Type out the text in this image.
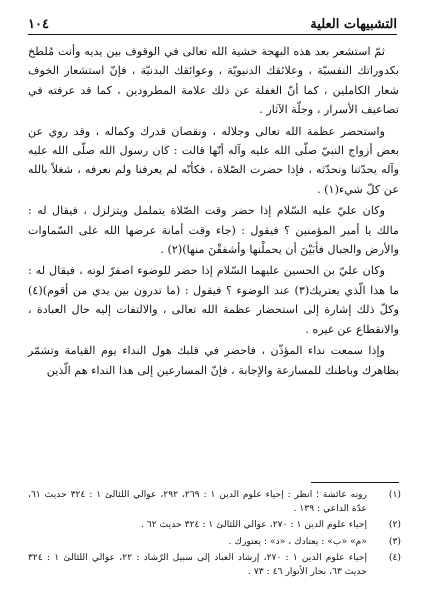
التشبيهات العلية
١٠٤

ثمّ استشعر بعد هذه البهجة خشية الله تعالى في الوقوف بين يديه وأنت مُلطخ بكدوراتك النفسيّة ، وعلائقك الدنيويّة ، وعوائقك البدنيّة ، فإنّ استشعار الخوف شعار الكاملين ، كما أنّ الغفلة عن ذلك علامة المطرودين ، كما قد عرفته في تضاعيف الأسرار ، وجلّة الآثار .

واستحضر عظمة الله تعالى وجلاله ، ونقصان قدرك وكماله ، وقد روي عن بعض أزواج النبيّ صلّى الله عليه وآله أنّها قالت : كان رسول الله صلّى الله عليه وآله يحدّثنا ونحدّثه ، فإذا حضرت الصّلاة ، فكأنّه لم يعرفنا ولم نعرفه ، شغلاً بالله عن كلّ شيء(١) .

وكان عليّ عليه السّلام إذا حضر وقت الصّلاة يتململ ويتزلزل ، فيقال له : مالك يا أمير المؤمنين ؟ فيقول : (جاء وقت أمانة عرضها الله على السّماوات والأرض والجبال فأبَيْنَ أن يحملْنها وأشفقْنَ منها)(٢) .

وكان عليّ بن الحسين عليهما السّلام إذا حضر للوضوء اصفرّ لونه ، فيقال له : ما هذا الّذي يعتريك(٣) عند الوضوء ؟ فيقول : (ما تدرون بين يدي من أقوم)(٤) وكلّ ذلك إشارة إلى استحضار عظمة الله تعالى ، والالتفات إليه حال العبادة ، والانقطاع عن غيره .

وإذا سمعت نداء المؤذّن ، فاحضر في قلبك هول النداء يوم القيامة وتشمّر بظاهرك وباطنك للمسارعة والإجابة ، فإنّ المسارعين إلى هذا النداء هم الّذين

(١)
رونه عائشة ؛ انظر : إحياء علوم الدين ١ : ٢٦٩، ٢٩٢، عوالي اللئالئ ١ : ٣٢٤ حديث ٦١، عدّة الداعي : ١٣٩ .
(٢)
إحياء علوم الدين ١ : ٢٧٠، عوالي اللئالئ ١ : ٣٢٤ حديث ٦٢ .
(٣)
«م» «ب» : يعتادك ، «د» : يعتورك .
(٤)
إحياء علوم الدين ١ : ٢٧٠، إرشاد العباد إلى سبيل الرّشاد : ٢٢، عوالي اللئالئ ١ : ٣٢٤ حديث ٦٣، بحار الأنوار ٤٦ : ٧٣ .
